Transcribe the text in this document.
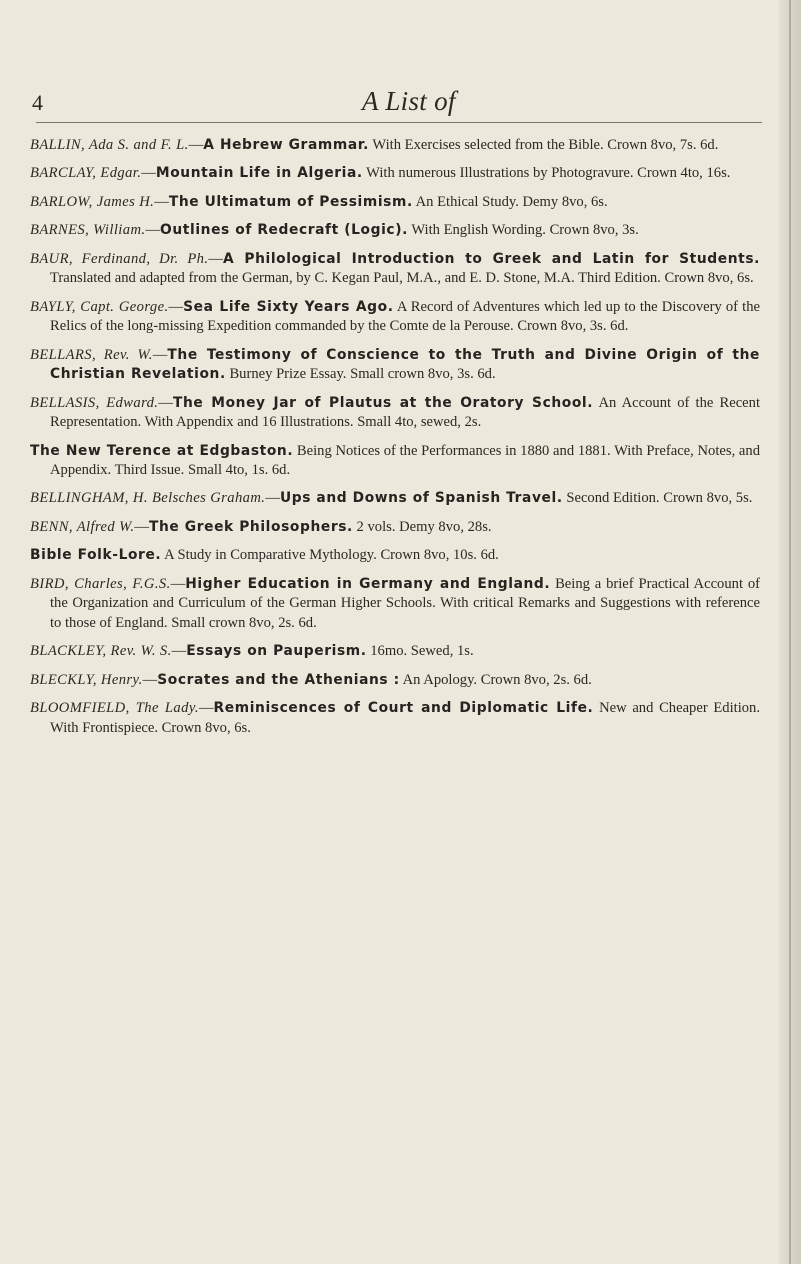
4	A List of

BALLIN, Ada S. and F. L.—A Hebrew Grammar. With Exercises selected from the Bible. Crown 8vo, 7s. 6d.

BARCLAY, Edgar.—Mountain Life in Algeria. With numerous Illustrations by Photogravure. Crown 4to, 16s.

BARLOW, James H.—The Ultimatum of Pessimism. An Ethical Study. Demy 8vo, 6s.

BARNES, William.—Outlines of Redecraft (Logic). With English Wording. Crown 8vo, 3s.

BAUR, Ferdinand, Dr. Ph.—A Philological Introduction to Greek and Latin for Students. Translated and adapted from the German, by C. Kegan Paul, M.A., and E. D. Stone, M.A. Third Edition. Crown 8vo, 6s.

BAYLY, Capt. George.—Sea Life Sixty Years Ago. A Record of Adventures which led up to the Discovery of the Relics of the long-missing Expedition commanded by the Comte de la Perouse. Crown 8vo, 3s. 6d.

BELLARS, Rev. W.—The Testimony of Conscience to the Truth and Divine Origin of the Christian Revelation. Burney Prize Essay. Small crown 8vo, 3s. 6d.

BELLASIS, Edward.—The Money Jar of Plautus at the Oratory School. An Account of the Recent Representation. With Appendix and 16 Illustrations. Small 4to, sewed, 2s.

The New Terence at Edgbaston. Being Notices of the Performances in 1880 and 1881. With Preface, Notes, and Appendix. Third Issue. Small 4to, 1s. 6d.

BELLINGHAM, H. Belsches Graham.—Ups and Downs of Spanish Travel. Second Edition. Crown 8vo, 5s.

BENN, Alfred W.—The Greek Philosophers. 2 vols. Demy 8vo, 28s.

Bible Folk-Lore. A Study in Comparative Mythology. Crown 8vo, 10s. 6d.

BIRD, Charles, F.G.S.—Higher Education in Germany and England. Being a brief Practical Account of the Organization and Curriculum of the German Higher Schools. With critical Remarks and Suggestions with reference to those of England. Small crown 8vo, 2s. 6d.

BLACKLEY, Rev. W. S.—Essays on Pauperism. 16mo. Sewed, 1s.

BLECKLY, Henry.—Socrates and the Athenians : An Apology. Crown 8vo, 2s. 6d.

BLOOMFIELD, The Lady.—Reminiscences of Court and Diplomatic Life. New and Cheaper Edition. With Frontispiece. Crown 8vo, 6s.
